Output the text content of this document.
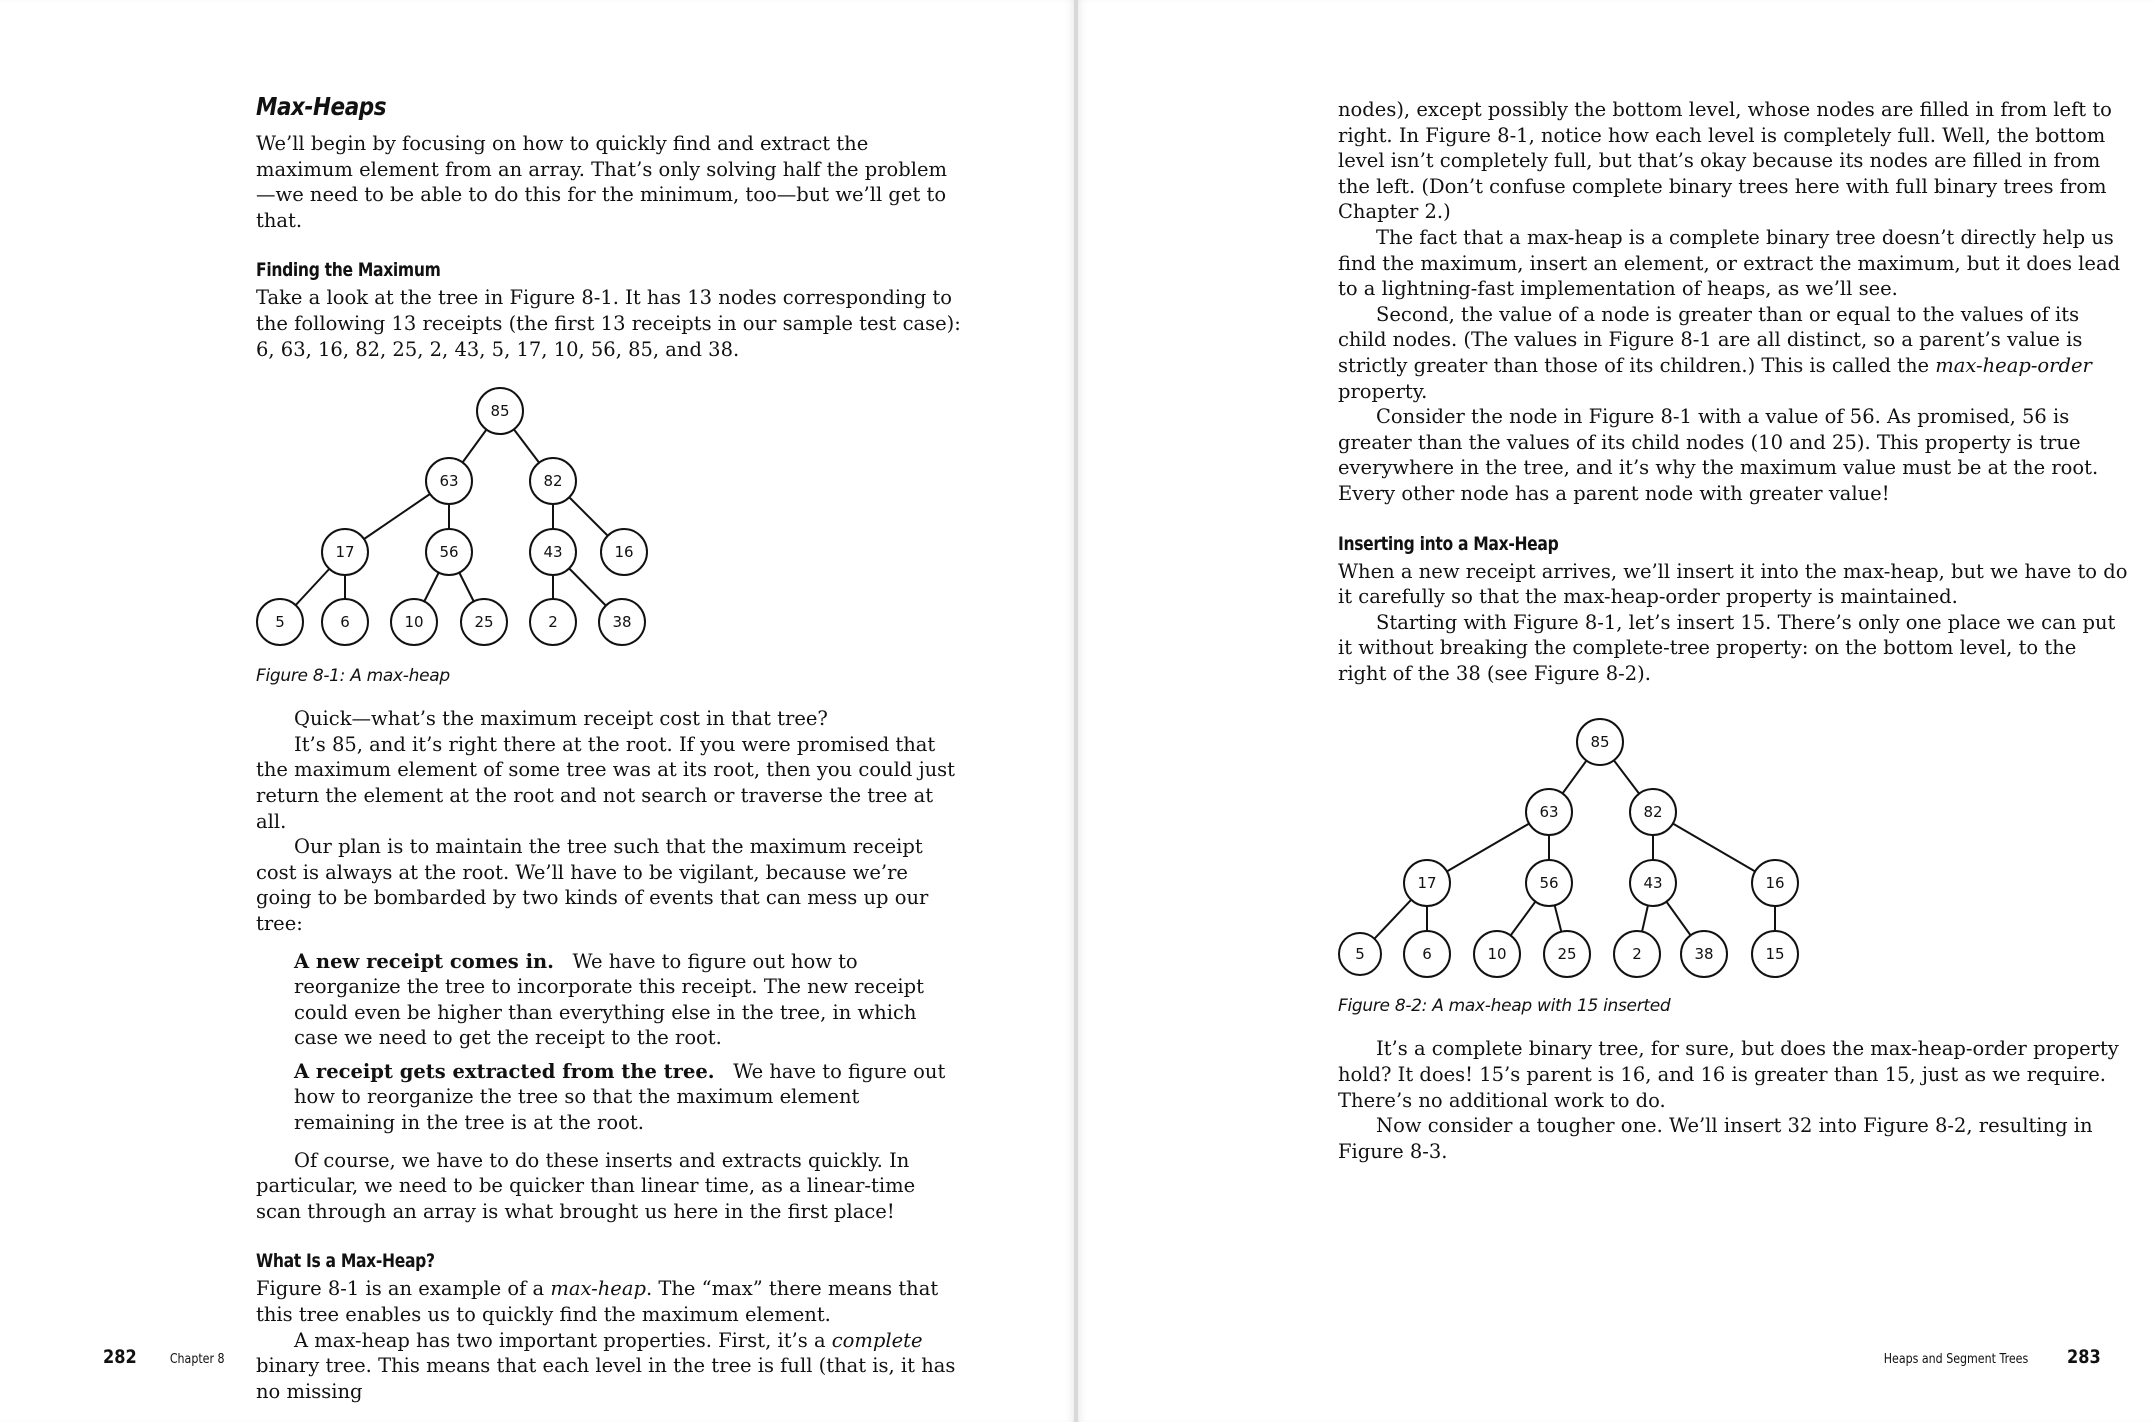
Max-Heaps

We’ll begin by focusing on how to quickly find and extract the maximum element from an array. That’s only solving half the problem—we need to be able to do this for the minimum, too—but we’ll get to that.

Finding the Maximum

Take a look at the tree in Figure 8-1. It has 13 nodes corresponding to the following 13 receipts (the first 13 receipts in our sample test case): 6, 63, 16, 82, 25, 2, 43, 5, 17, 10, 56, 85, and 38.

85
63	82
17	56	43	16
5	6	10	25	2	38
Figure 8-1: A max-heap

Quick—what’s the maximum receipt cost in that tree?

It’s 85, and it’s right there at the root. If you were promised that the maximum element of some tree was at its root, then you could just return the element at the root and not search or traverse the tree at all.

Our plan is to maintain the tree such that the maximum receipt cost is always at the root. We’ll have to be vigilant, because we’re going to be bombarded by two kinds of events that can mess up our tree:

A new receipt comes in. We have to figure out how to reorganize the tree to incorporate this receipt. The new receipt could even be higher than everything else in the tree, in which case we need to get the receipt to the root.

A receipt gets extracted from the tree. We have to figure out how to reorganize the tree so that the maximum element remaining in the tree is at the root.

Of course, we have to do these inserts and extracts quickly. In particular, we need to be quicker than linear time, as a linear-time scan through an array is what brought us here in the first place!

What Is a Max-Heap?

Figure 8-1 is an example of a max-heap. The “max” there means that this tree enables us to quickly find the maximum element.

A max-heap has two important properties. First, it’s a complete binary tree. This means that each level in the tree is full (that is, it has no missing

282	Chapter 8

nodes), except possibly the bottom level, whose nodes are filled in from left to right. In Figure 8-1, notice how each level is completely full. Well, the bottom level isn’t completely full, but that’s okay because its nodes are filled in from the left. (Don’t confuse complete binary trees here with full binary trees from Chapter 2.)

The fact that a max-heap is a complete binary tree doesn’t directly help us find the maximum, insert an element, or extract the maximum, but it does lead to a lightning-fast implementation of heaps, as we’ll see.

Second, the value of a node is greater than or equal to the values of its child nodes. (The values in Figure 8-1 are all distinct, so a parent’s value is strictly greater than those of its children.) This is called the max-heap-order property.

Consider the node in Figure 8-1 with a value of 56. As promised, 56 is greater than the values of its child nodes (10 and 25). This property is true everywhere in the tree, and it’s why the maximum value must be at the root. Every other node has a parent node with greater value!

Inserting into a Max-Heap

When a new receipt arrives, we’ll insert it into the max-heap, but we have to do it carefully so that the max-heap-order property is maintained.

Starting with Figure 8-1, let’s insert 15. There’s only one place we can put it without breaking the complete-tree property: on the bottom level, to the right of the 38 (see Figure 8-2).

85
63	82
17	56	43	16
5	6	10	25	2	38	15
Figure 8-2: A max-heap with 15 inserted

It’s a complete binary tree, for sure, but does the max-heap-order property hold? It does! 15’s parent is 16, and 16 is greater than 15, just as we require. There’s no additional work to do.

Now consider a tougher one. We’ll insert 32 into Figure 8-2, resulting in Figure 8-3.

Heaps and Segment Trees 283
